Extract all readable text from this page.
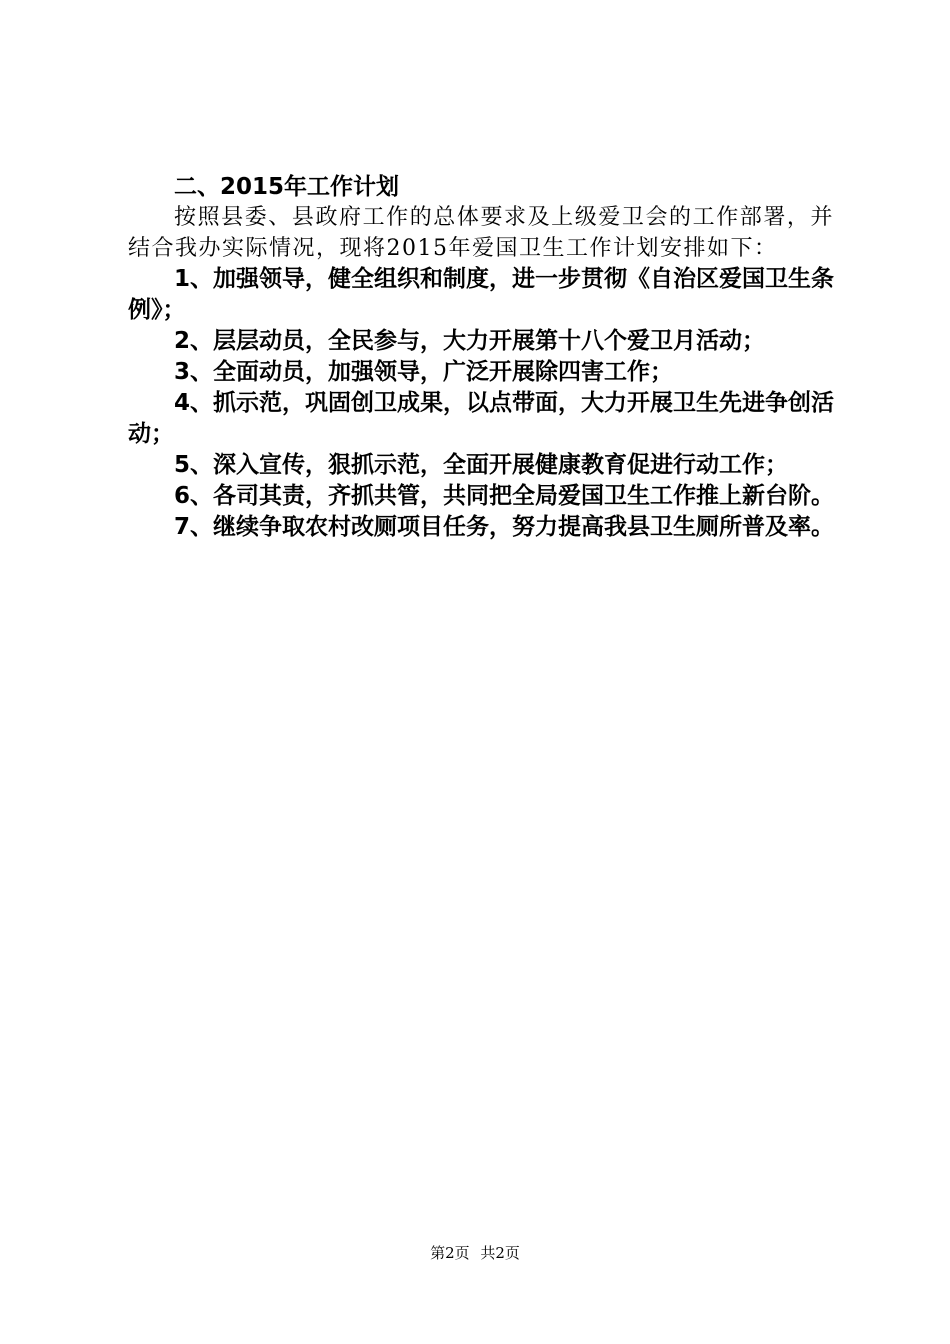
二、2015年工作计划

按照县委、县政府工作的总体要求及上级爱卫会的工作部署，并结合我办实际情况，现将2015年爱国卫生工作计划安排如下：

1、加强领导，健全组织和制度，进一步贯彻《自治区爱国卫生条例》；
2、层层动员，全民参与，大力开展第十八个爱卫月活动；
3、全面动员，加强领导，广泛开展除四害工作；
4、抓示范，巩固创卫成果，以点带面，大力开展卫生先进争创活动；
5、深入宣传，狠抓示范，全面开展健康教育促进行动工作；
6、各司其责，齐抓共管，共同把全局爱国卫生工作推上新台阶。
7、继续争取农村改厕项目任务，努力提高我县卫生厕所普及率。
第2页 共2页
